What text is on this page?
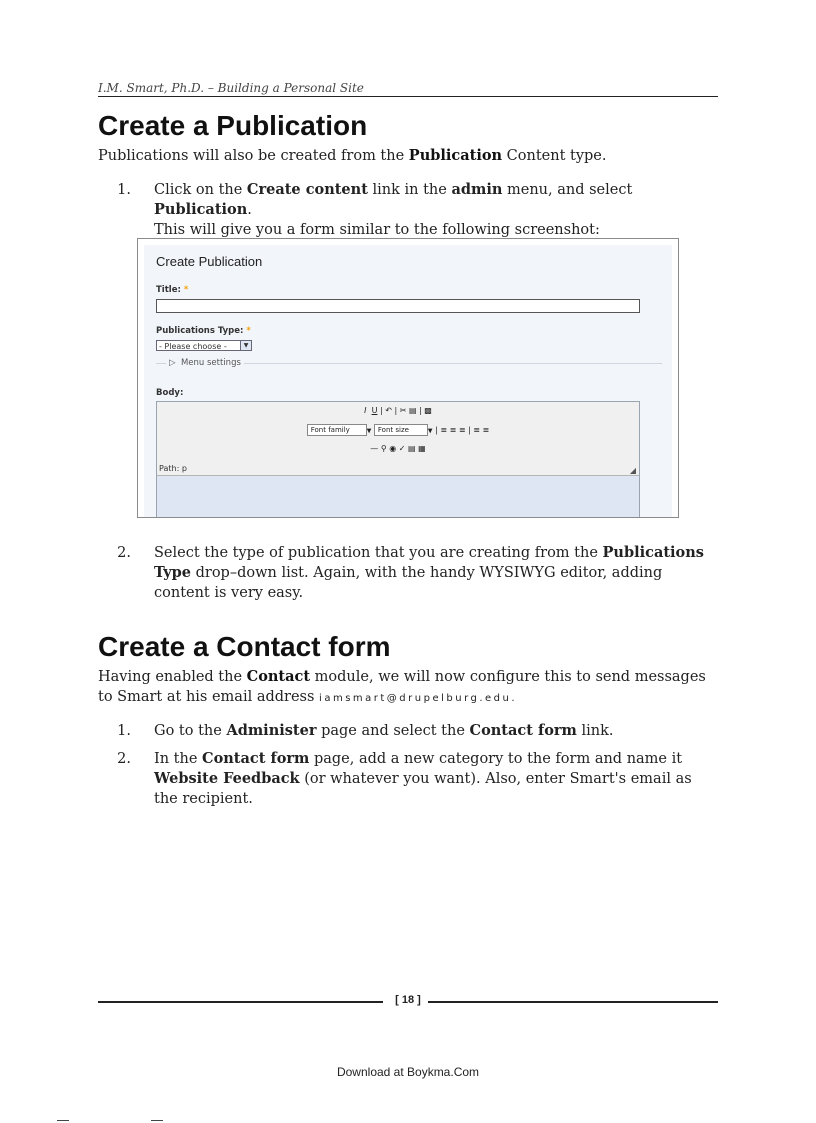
I.M. Smart, Ph.D. – Building a Personal Site
Create a Publication
Publications will also be created from the Publication Content type.
1. Click on the Create content link in the admin menu, and select Publication.
This will give you a form similar to the following screenshot:
Create Publication
Title: *
Publications Type: *
- Please choose -	▼
▷  Menu settings
Body:
I U | ↶ | ✂ ▤ | ▩
Font family	▼ Font size	▼ | ≡ ≡ ≡ | ≡ ≡
— ⚲ ◉ ✓ ▤ ▦
Path: p	◢
2. Select the type of publication that you are creating from the Publications
Type drop–down list. Again, with the handy WYSIWYG editor, adding
content is very easy.
Create a Contact form
Having enabled the Contact module, we will now configure this to send messages
to Smart at his email address iamsmart@drupelburg.edu.
1. Go to the Administer page and select the Contact form link.
2. In the Contact form page, add a new category to the form and name it
Website Feedback (or whatever you want). Also, enter Smart's email as
the recipient.
[ 18 ]
Download at Boykma.Com
